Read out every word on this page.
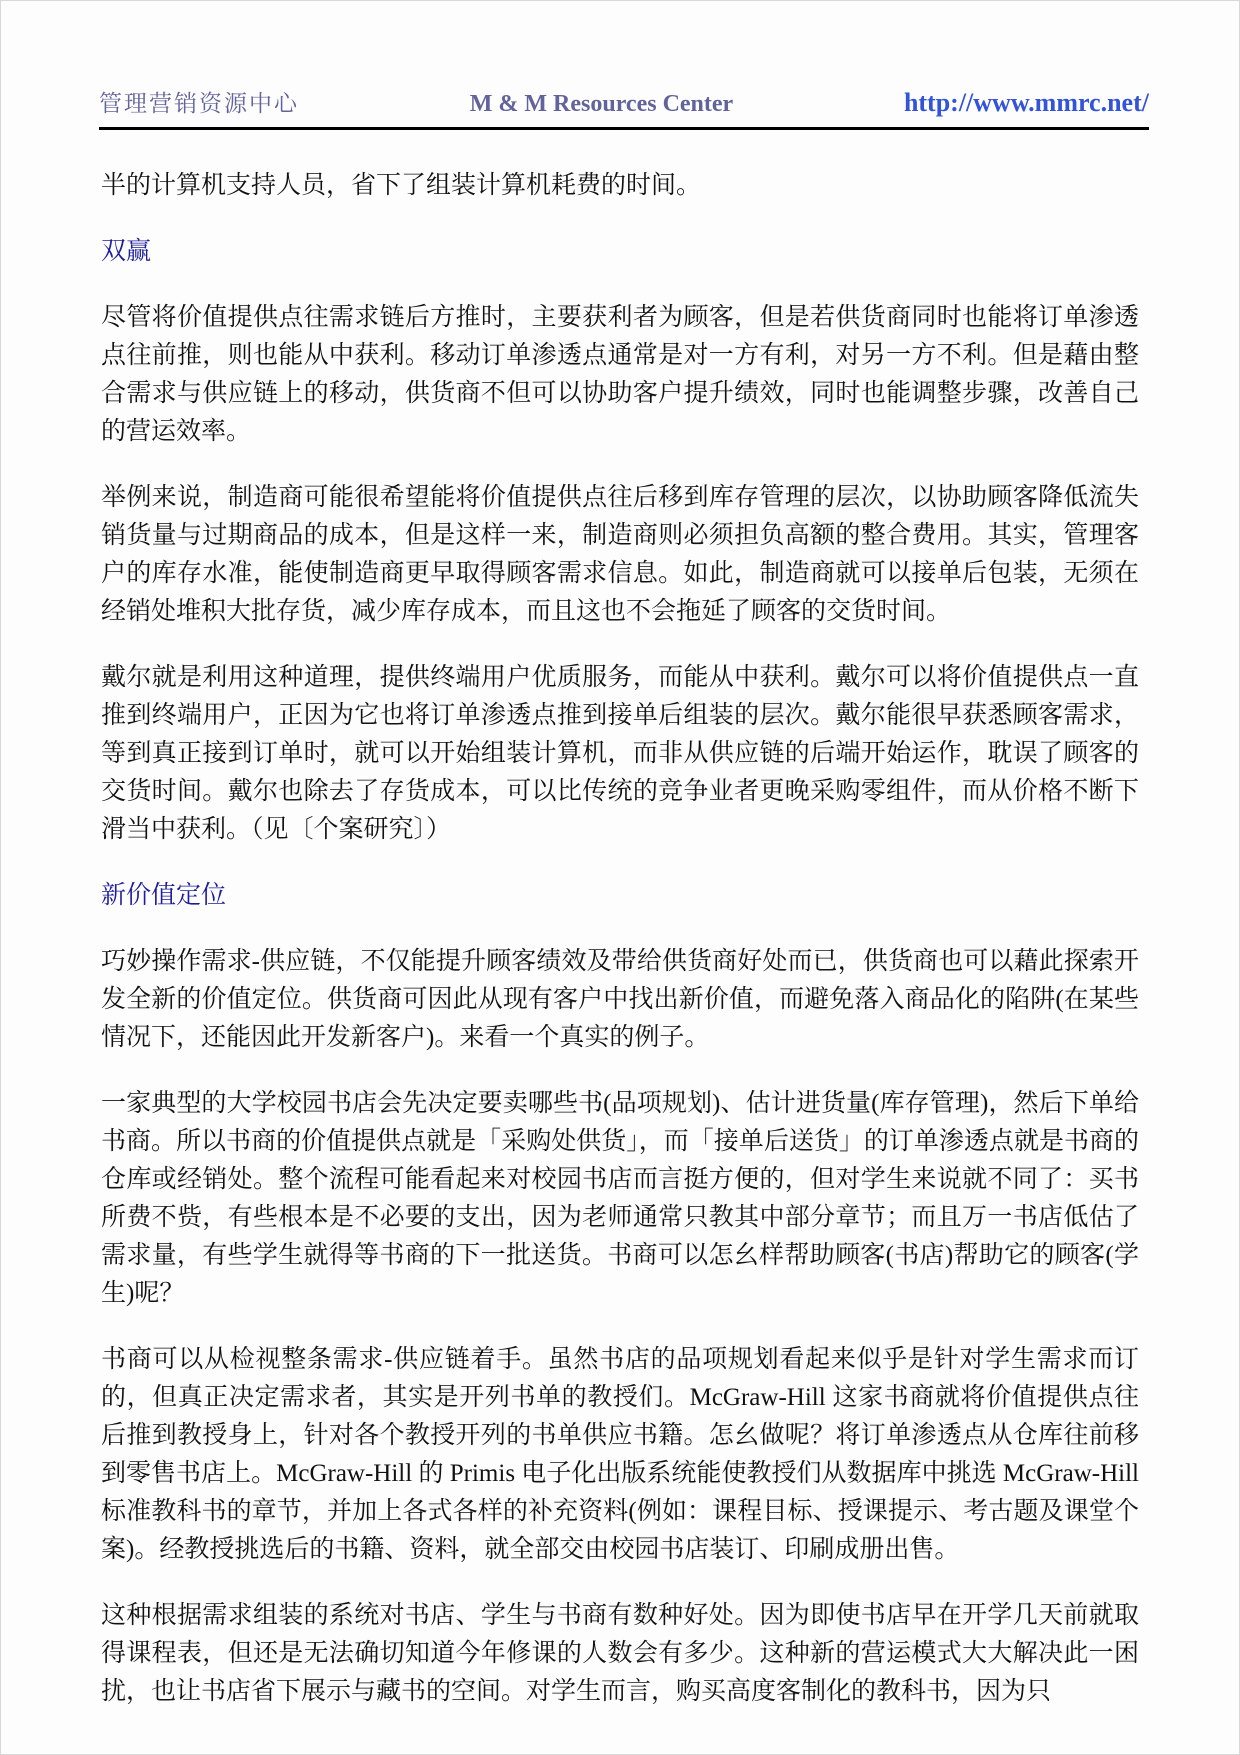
管理营销资源中心	M & M Resources Center	http://www.mmrc.net/
半的计算机支持人员，省下了组装计算机耗费的时间。
双赢
尽管将价值提供点往需求链后方推时，主要获利者为顾客，但是若供货商同时也能将订单渗透点往前推，则也能从中获利。移动订单渗透点通常是对一方有利，对另一方不利。但是藉由整合需求与供应链上的移动，供货商不但可以协助客户提升绩效，同时也能调整步骤，改善自己的营运效率。
举例来说，制造商可能很希望能将价值提供点往后移到库存管理的层次，以协助顾客降低流失销货量与过期商品的成本，但是这样一来，制造商则必须担负高额的整合费用。其实，管理客户的库存水准，能使制造商更早取得顾客需求信息。如此，制造商就可以接单后包装，无须在经销处堆积大批存货，减少库存成本，而且这也不会拖延了顾客的交货时间。
戴尔就是利用这种道理，提供终端用户优质服务，而能从中获利。戴尔可以将价值提供点一直推到终端用户，正因为它也将订单渗透点推到接单后组装的层次。戴尔能很早获悉顾客需求，等到真正接到订单时，就可以开始组装计算机，而非从供应链的后端开始运作，耽误了顾客的交货时间。戴尔也除去了存货成本，可以比传统的竞争业者更晚采购零组件，而从价格不断下滑当中获利。（见〔个案研究〕）
新价值定位
巧妙操作需求-供应链，不仅能提升顾客绩效及带给供货商好处而已，供货商也可以藉此探索开发全新的价值定位。供货商可因此从现有客户中找出新价值，而避免落入商品化的陷阱(在某些情况下，还能因此开发新客户)。来看一个真实的例子。
一家典型的大学校园书店会先决定要卖哪些书(品项规划)、估计进货量(库存管理)，然后下单给书商。所以书商的价值提供点就是「采购处供货」，而「接单后送货」的订单渗透点就是书商的仓库或经销处。整个流程可能看起来对校园书店而言挺方便的，但对学生来说就不同了：买书所费不赀，有些根本是不必要的支出，因为老师通常只教其中部分章节；而且万一书店低估了需求量，有些学生就得等书商的下一批送货。书商可以怎幺样帮助顾客(书店)帮助它的顾客(学生)呢？
书商可以从检视整条需求-供应链着手。虽然书店的品项规划看起来似乎是针对学生需求而订的，但真正决定需求者，其实是开列书单的教授们。McGraw-Hill 这家书商就将价值提供点往后推到教授身上，针对各个教授开列的书单供应书籍。怎幺做呢？将订单渗透点从仓库往前移到零售书店上。McGraw-Hill 的 Primis 电子化出版系统能使教授们从数据库中挑选 McGraw-Hill 标准教科书的章节，并加上各式各样的补充资料(例如：课程目标、授课提示、考古题及课堂个案)。经教授挑选后的书籍、资料，就全部交由校园书店装订、印刷成册出售。
这种根据需求组装的系统对书店、学生与书商有数种好处。因为即使书店早在开学几天前就取得课程表，但还是无法确切知道今年修课的人数会有多少。这种新的营运模式大大解决此一困扰，也让书店省下展示与藏书的空间。对学生而言，购买高度客制化的教科书，因为只
